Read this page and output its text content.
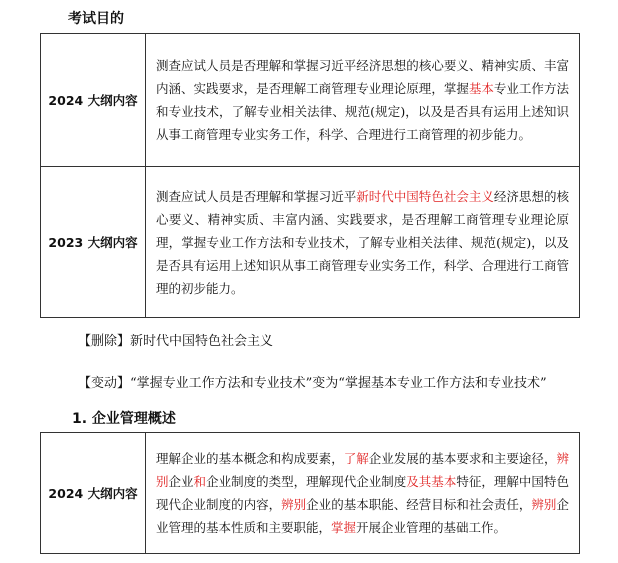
考试目的
2024 大纲内容	测查应试人员是否理解和掌握习近平经济思想的核心要义、精神实质、丰富内涵、实践要求，是否理解工商管理专业理论原理，掌握基本专业工作方法和专业技术，了解专业相关法律、规范(规定)，以及是否具有运用上述知识从事工商管理专业实务工作，科学、合理进行工商管理的初步能力。
2023 大纲内容	测查应试人员是否理解和掌握习近平新时代中国特色社会主义经济思想的核心要义、精神实质、丰富内涵、实践要求，是否理解工商管理专业理论原理，掌握专业工作方法和专业技术，了解专业相关法律、规范(规定)，以及是否具有运用上述知识从事工商管理专业实务工作，科学、合理进行工商管理的初步能力。
【删除】新时代中国特色社会主义
【变动】“掌握专业工作方法和专业技术”变为“掌握基本专业工作方法和专业技术”
1. 企业管理概述
2024 大纲内容	理解企业的基本概念和构成要素，了解企业发展的基本要求和主要途径，辨别企业和企业制度的类型，理解现代企业制度及其基本特征，理解中国特色现代企业制度的内容，辨别企业的基本职能、经营目标和社会责任，辨别企业管理的基本性质和主要职能，掌握开展企业管理的基础工作。
